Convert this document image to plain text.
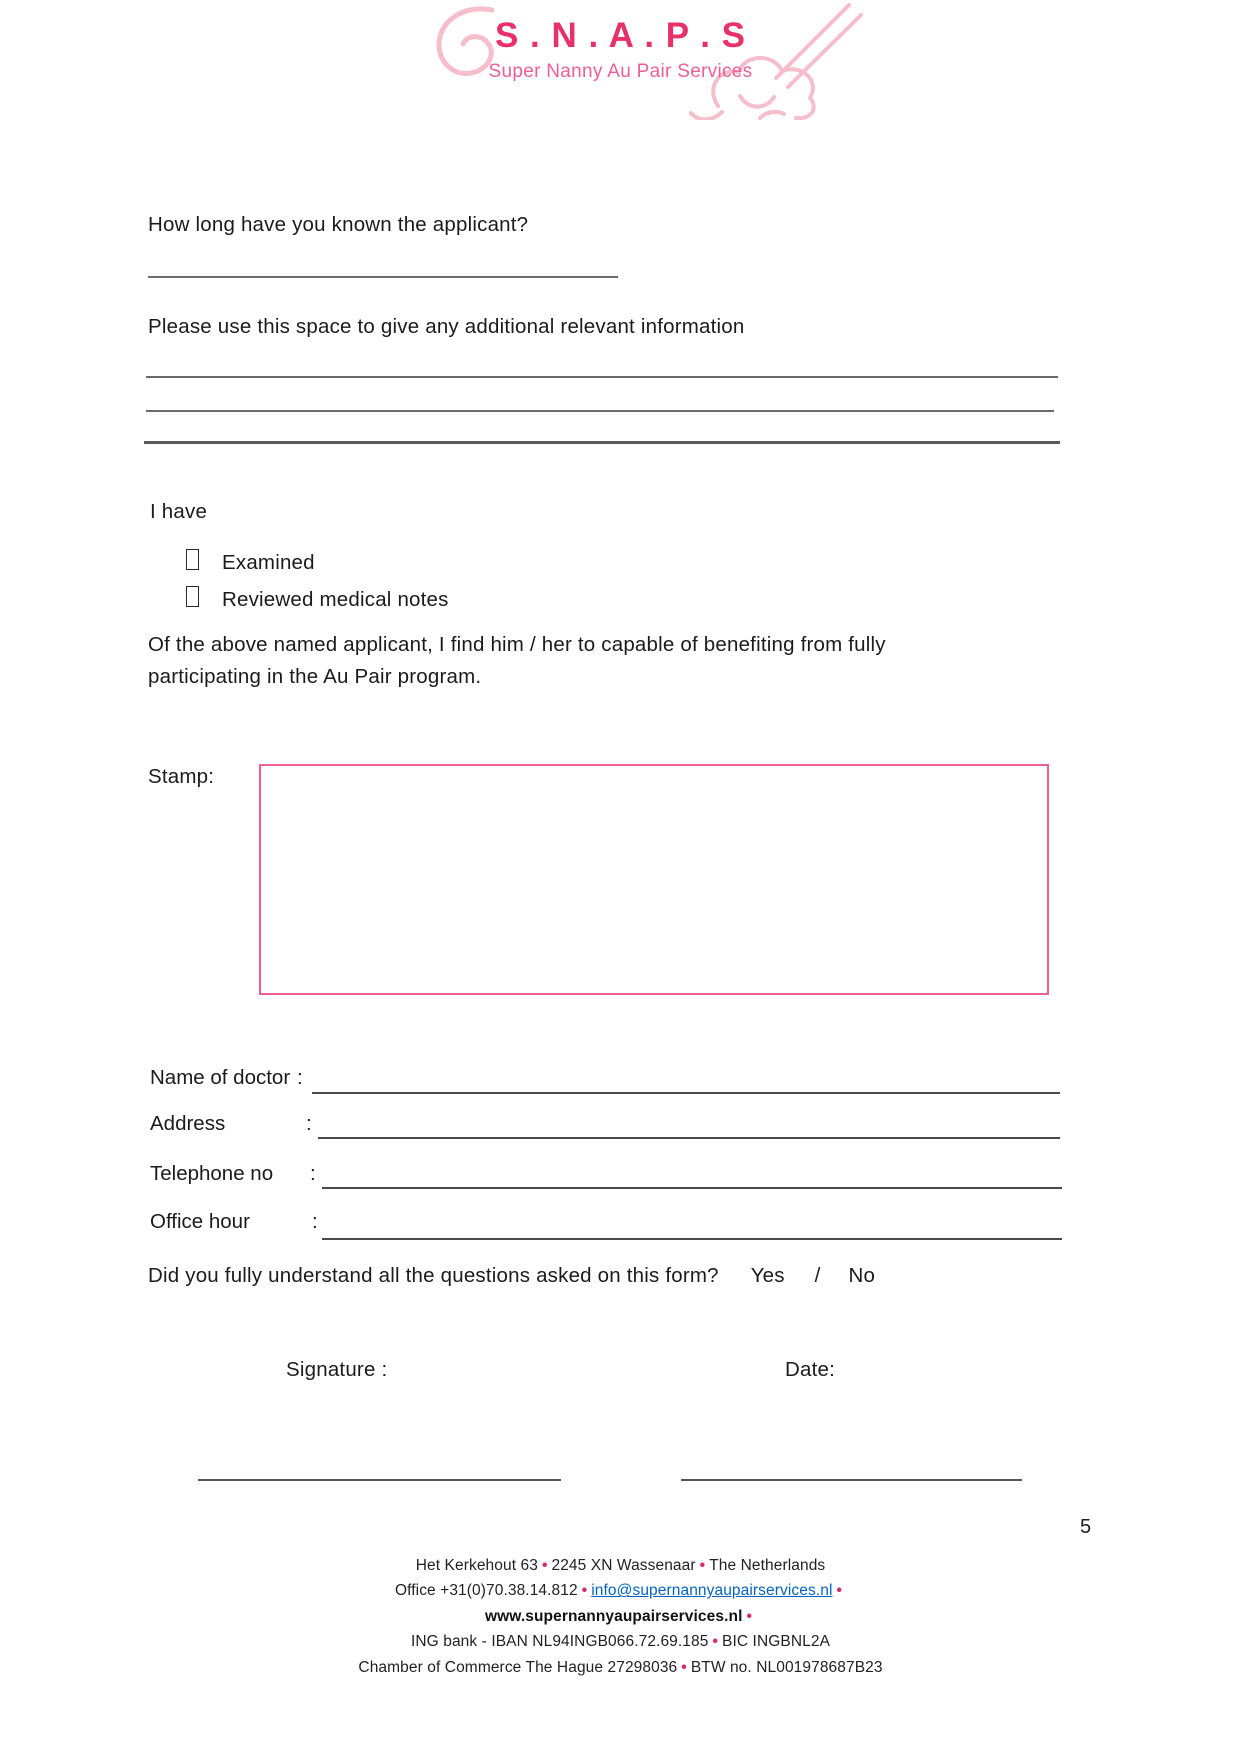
S . N . A . P . S
Super Nanny Au Pair Services
How long have you known the applicant?
Please use this space to give any additional relevant information
I have
Examined
Reviewed medical notes
Of the above named applicant, I find him / her to capable of benefiting from fully
participating in the Au Pair program.
Stamp:
Name of doctor :
Address	:
Telephone no :
Office hour	:
Did you fully understand all the questions asked on this form? Yes / No
Signature :	Date:
5
Het Kerkehout 63 • 2245 XN Wassenaar • The Netherlands
Office +31(0)70.38.14.812 • info@supernannyaupairservices.nl •
www.supernannyaupairservices.nl •
ING bank - IBAN NL94INGB066.72.69.185 • BIC INGBNL2A
Chamber of Commerce The Hague 27298036 • BTW no. NL001978687B23
